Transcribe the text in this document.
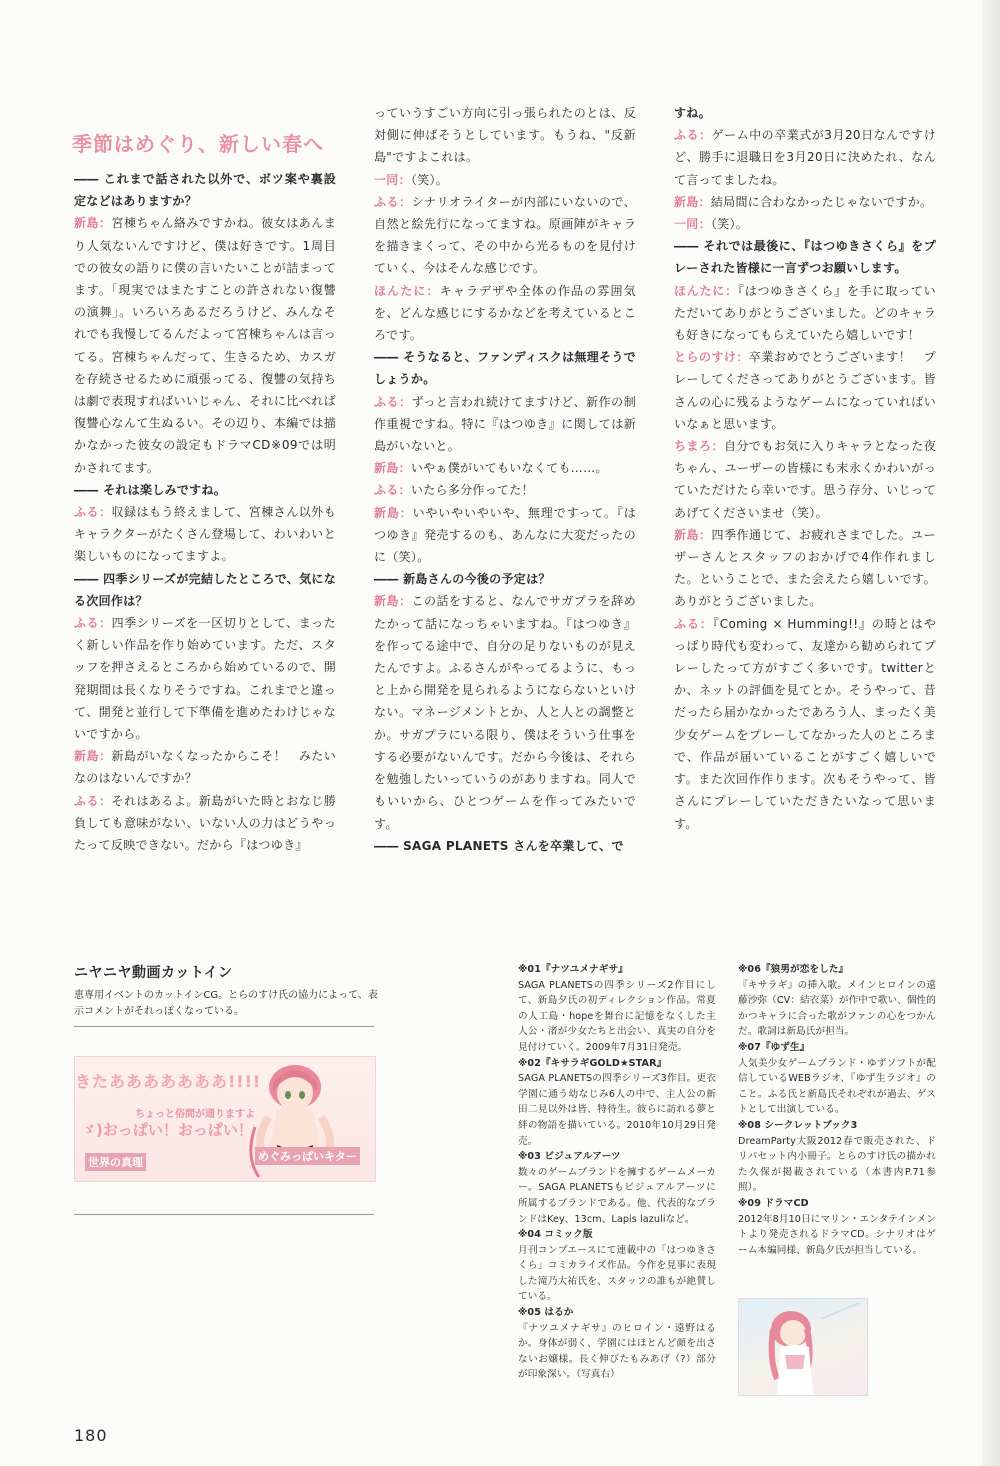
季節はめぐり、新しい春へ

―― これまで話された以外で、ボツ案や裏設定などはありますか？

新島：宮棟ちゃん絡みですかね。彼女はあんまり人気ないんですけど、僕は好きです。1周目での彼女の語りに僕の言いたいことが詰まってます。「現実ではまたすことの許されない復讐の演舞」。いろいろあるだろうけど、みんなそれでも我慢してるんだよって宮棟ちゃんは言ってる。宮棟ちゃんだって、生きるため、カスガを存続させるために頑張ってる、復讐の気持ちは劇で表現すればいいじゃん、それに比べれば復讐心なんて生ぬるい。その辺り、本編では描かなかった彼女の設定もドラマCD※09では明かされてます。

―― それは楽しみですね。

ふる：収録はもう終えまして、宮棟さん以外もキャラクターがたくさん登場して、わいわいと楽しいものになってますよ。

―― 四季シリーズが完結したところで、気になる次回作は？

ふる：四季シリーズを一区切りとして、まったく新しい作品を作り始めています。ただ、スタッフを押さえるところから始めているので、開発期間は長くなりそうですね。これまでと違って、開発と並行して下準備を進めたわけじゃないですから。

新島：新島がいなくなったからこそ！　みたいなのはないんですか？

ふる：それはあるよ。新島がいた時とおなじ勝負しても意味がない、いない人の力はどうやったって反映できない。だから『はつゆき』

っていうすごい方向に引っ張られたのとは、反対側に伸ばそうとしています。もうね、"反新島"ですよこれは。

一同：（笑）。

ふる：シナリオライターが内部にいないので、自然と絵先行になってますね。原画陣がキャラを描きまくって、その中から光るものを見付けていく、今はそんな感じです。

ほんたに：キャラデザや全体の作品の雰囲気を、どんな感じにするかなどを考えているところです。

―― そうなると、ファンディスクは無理そうでしょうか。

ふる：ずっと言われ続けてますけど、新作の制作重視ですね。特に『はつゆき』に関しては新島がいないと。

新島：いやぁ僕がいてもいなくても……。

ふる：いたら多分作ってた！

新島：いやいやいやいや、無理ですって。『はつゆき』発売するのも、あんなに大変だったのに（笑）。

―― 新島さんの今後の予定は？

新島：この話をすると、なんでサガプラを辞めたかって話になっちゃいますね。『はつゆき』を作ってる途中で、自分の足りないものが見えたんですよ。ふるさんがやってるように、もっと上から開発を見られるようにならないといけない。マネージメントとか、人と人との調整とか。サガプラにいる限り、僕はそういう仕事をする必要がないんです。だから今後は、それらを勉強したいっていうのがありますね。同人でもいいから、ひとつゲームを作ってみたいです。

―― SAGA PLANETS さんを卒業して、で

すね。

ふる：ゲーム中の卒業式が3月20日なんですけど、勝手に退職日を3月20日に決めたれ、なんて言ってましたね。

新島：結局間に合わなかったじゃないですか。

一同：（笑）。

―― それでは最後に、『はつゆきさくら』をプレーされた皆様に一言ずつお願いします。

ほんたに：『はつゆきさくら』を手に取っていただいてありがとうございました。どのキャラも好きになってもらえていたら嬉しいです！

とらのすけ：卒業おめでとうございます！　プレーしてくださってありがとうございます。皆さんの心に残るようなゲームになっていればいいなぁと思います。

ちまろ：自分でもお気に入りキャラとなった夜ちゃん、ユーザーの皆様にも末永くかわいがっていただけたら幸いです。思う存分、いじってあげてくださいませ（笑）。

新島：四季作通じて、お疲れさまでした。ユーザーさんとスタッフのおかげで4作作れました。ということで、また会えたら嬉しいです。ありがとうございました。

ふる：『Coming × Humming!!』の時とはやっぱり時代も変わって、友達から勧められてプレーしたって方がすごく多いです。twitterとか、ネットの評価を見てとか。そうやって、昔だったら届かなかったであろう人、まったく美少女ゲームをプレーしてなかった人のところまで、作品が届いていることがすごく嬉しいです。また次回作作ります。次もそうやって、皆さんにプレーしていただきたいなって思います。

ニヤニヤ動画カットイン
恵専用イベントのカットインCG。とらのすけ氏の協力によって、表示コメントがそれっぽくなっている。
きたあああああああ!!!!
ちょっと俗間が通りますよ
ゞ)おっぱい！おっぱい！
世界の真理	めぐみっぱいキター
※01『ナツユメナギサ』

SAGA PLANETSの四季シリーズ2作目にして、新島夕氏の初ディレクション作品。常夏の人工島・hopeを舞台に記憶をなくした主人公・渚が少女たちと出会い、真実の自分を見付けていく。2009年7月31日発売。

※02『キサラギGOLD★STAR』

SAGA PLANETSの四季シリーズ3作目。更衣学園に通う幼なじみ6人の中で、主人公の新田二見以外は皆、特待生。彼らに訪れる夢と絆の物語を描いている。2010年10月29日発売。

※03 ビジュアルアーツ

数々のゲームブランドを擁するゲームメーカー。SAGA PLANETSもビジュアルアーツに所属するブランドである。他、代表的なブランドはKey、13cm、Lapis lazuliなど。

※04 コミック版

月刊コンプエースにて連載中の「はつゆきさくら」コミカライズ作品。今作を見事に表現した滝乃大祐氏を、スタッフの誰もが絶賛している。

※05 はるか

『ナツユメナギサ』のヒロイン・遠野はるか。身体が弱く、学園にはほとんど顔を出さないお嬢様。長く伸びたもみあげ（?）部分が印象深い。（写真右）

※06『狼男が恋をした』

『キサラギ』の挿入歌。メインヒロインの遠藤沙弥（CV：結衣菜）が作中で歌い、個性的かつキャラに合った歌がファンの心をつかんだ。歌詞は新島氏が担当。

※07『ゆず生』

人気美少女ゲームブランド・ゆずソフトが配信しているWEBラジオ、『ゆず生ラジオ』のこと。ふる氏と新島氏それぞれが過去、ゲストとして出演している。

※08 シークレットブック3

DreamParty大阪2012春で販売された、ドリパセット内小冊子。とらのすけ氏の描かれた久保が掲載されている（本書内P.71参照）。

※09 ドラマCD

2012年8月10日にマリン・エンタテインメントより発売されるドラマCD。シナリオはゲーム本編同様、新島夕氏が担当している。

180
